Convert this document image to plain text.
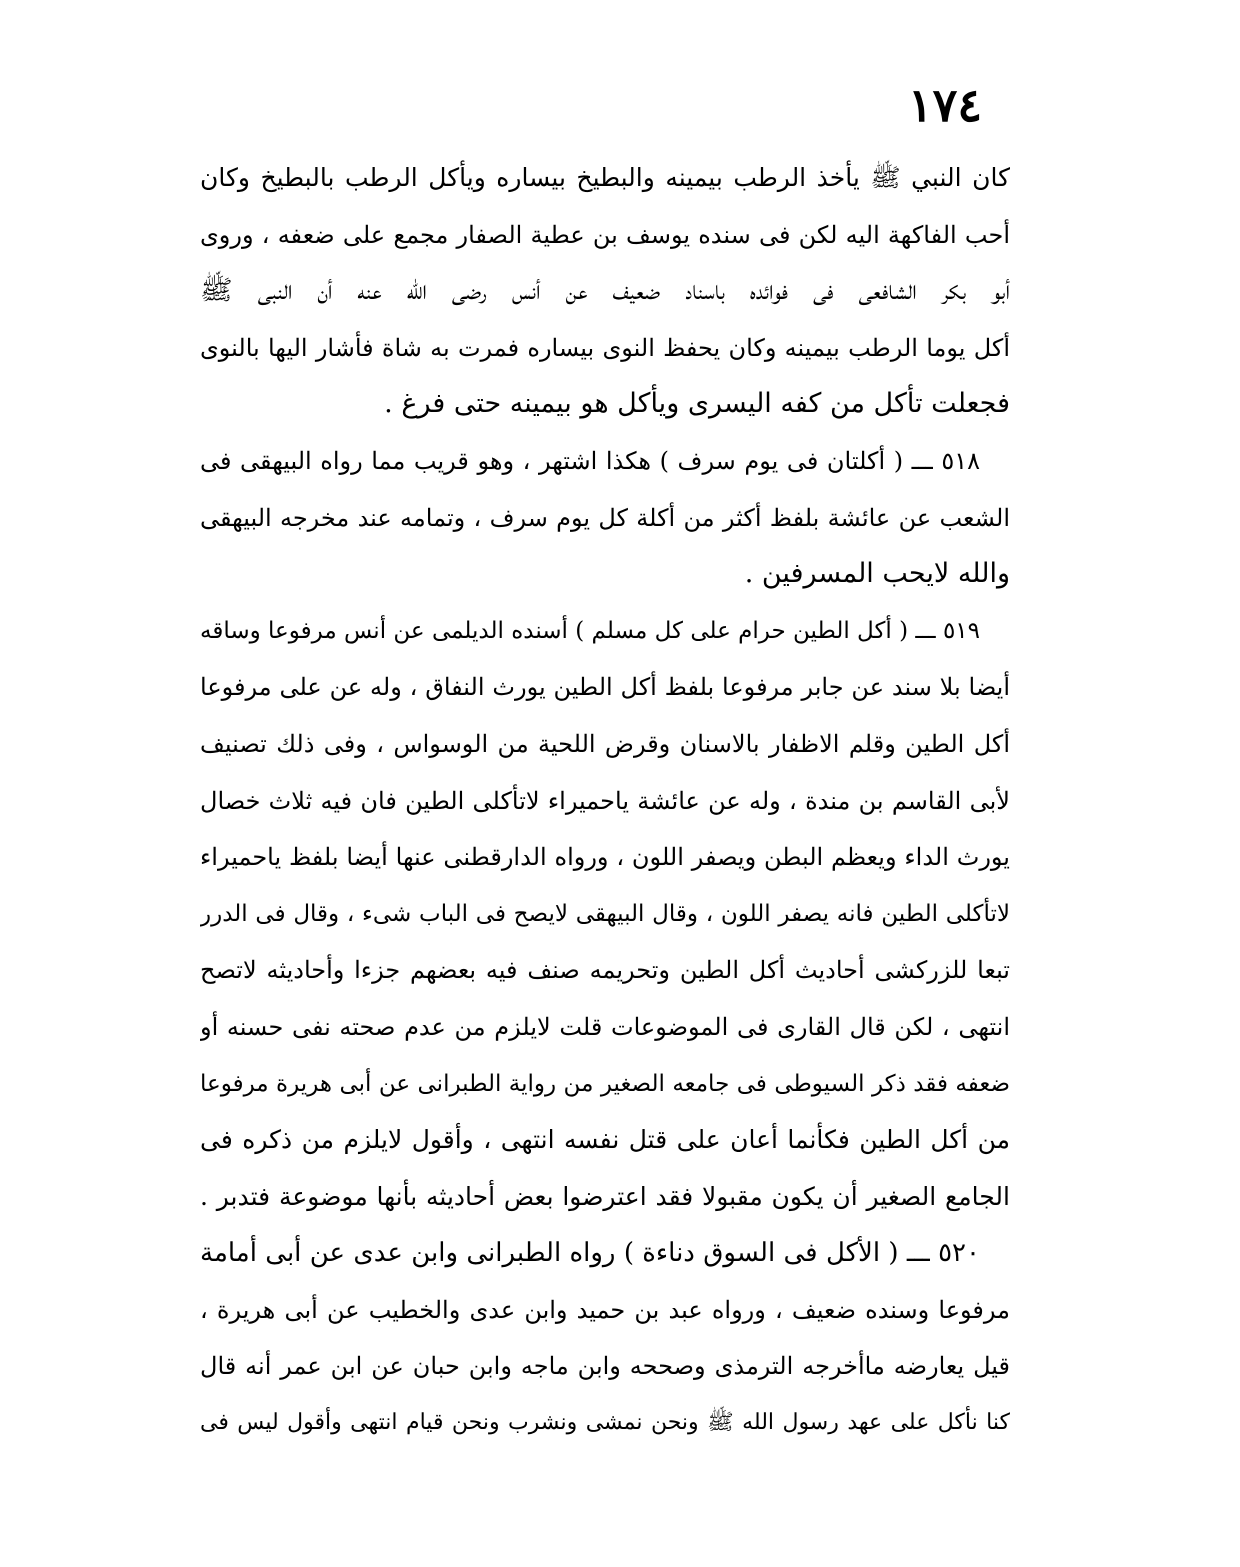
١٧٤
كان النبي ﷺ يأخذ الرطب بيمينه والبطيخ بيساره ويأكل الرطب بالبطيخ وكان
أحب الفاكهة اليه لكن فى سنده يوسف بن عطية الصفار مجمع على ضعفه ، وروى
أبو بكر الشافعى فى فوائده باسناد ضعيف عن أنس رضى الله عنه أن النبى ﷺ
أكل يوما الرطب بيمينه وكان يحفظ النوى بيساره فمرت به شاة فأشار اليها بالنوى
فجعلت تأكل من كفه اليسرى ويأكل هو بيمينه حتى فرغ .
٥١٨ ـــ ( أكلتان فى يوم سرف ) هكذا اشتهر ، وهو قريب مما رواه البيهقى فى
الشعب عن عائشة بلفظ أكثر من أكلة كل يوم سرف ، وتمامه عند مخرجه البيهقى
والله لايحب المسرفين .
٥١٩ ـــ ( أكل الطين حرام على كل مسلم ) أسنده الديلمى عن أنس مرفوعا وساقه
أيضا بلا سند عن جابر مرفوعا بلفظ أكل الطين يورث النفاق ، وله عن على مرفوعا
أكل الطين وقلم الاظفار بالاسنان وقرض اللحية من الوسواس ، وفى ذلك تصنيف
لأبى القاسم بن مندة ، وله عن عائشة ياحميراء لاتأكلى الطين فان فيه ثلاث خصال
يورث الداء ويعظم البطن ويصفر اللون ، ورواه الدارقطنى عنها أيضا بلفظ ياحميراء
لاتأكلى الطين فانه يصفر اللون ، وقال البيهقى لايصح فى الباب شىء ، وقال فى الدرر
تبعا للزركشى أحاديث أكل الطين وتحريمه صنف فيه بعضهم جزءا وأحاديثه لاتصح
انتهى ، لكن قال القارى فى الموضوعات قلت لايلزم من عدم صحته نفى حسنه أو
ضعفه فقد ذكر السيوطى فى جامعه الصغير من رواية الطبرانى عن أبى هريرة مرفوعا
من أكل الطين فكأنما أعان على قتل نفسه انتهى ، وأقول لايلزم من ذكره فى
الجامع الصغير أن يكون مقبولا فقد اعترضوا بعض أحاديثه بأنها موضوعة فتدبر .
٥٢٠ ـــ ( الأكل فى السوق دناءة ) رواه الطبرانى وابن عدى عن أبى أمامة
مرفوعا وسنده ضعيف ، ورواه عبد بن حميد وابن عدى والخطيب عن أبى هريرة ،
قيل يعارضه ماأخرجه الترمذى وصححه وابن ماجه وابن حبان عن ابن عمر أنه قال
كنا نأكل على عهد رسول الله ﷺ ونحن نمشى ونشرب ونحن قيام انتهى وأقول ليس فى
